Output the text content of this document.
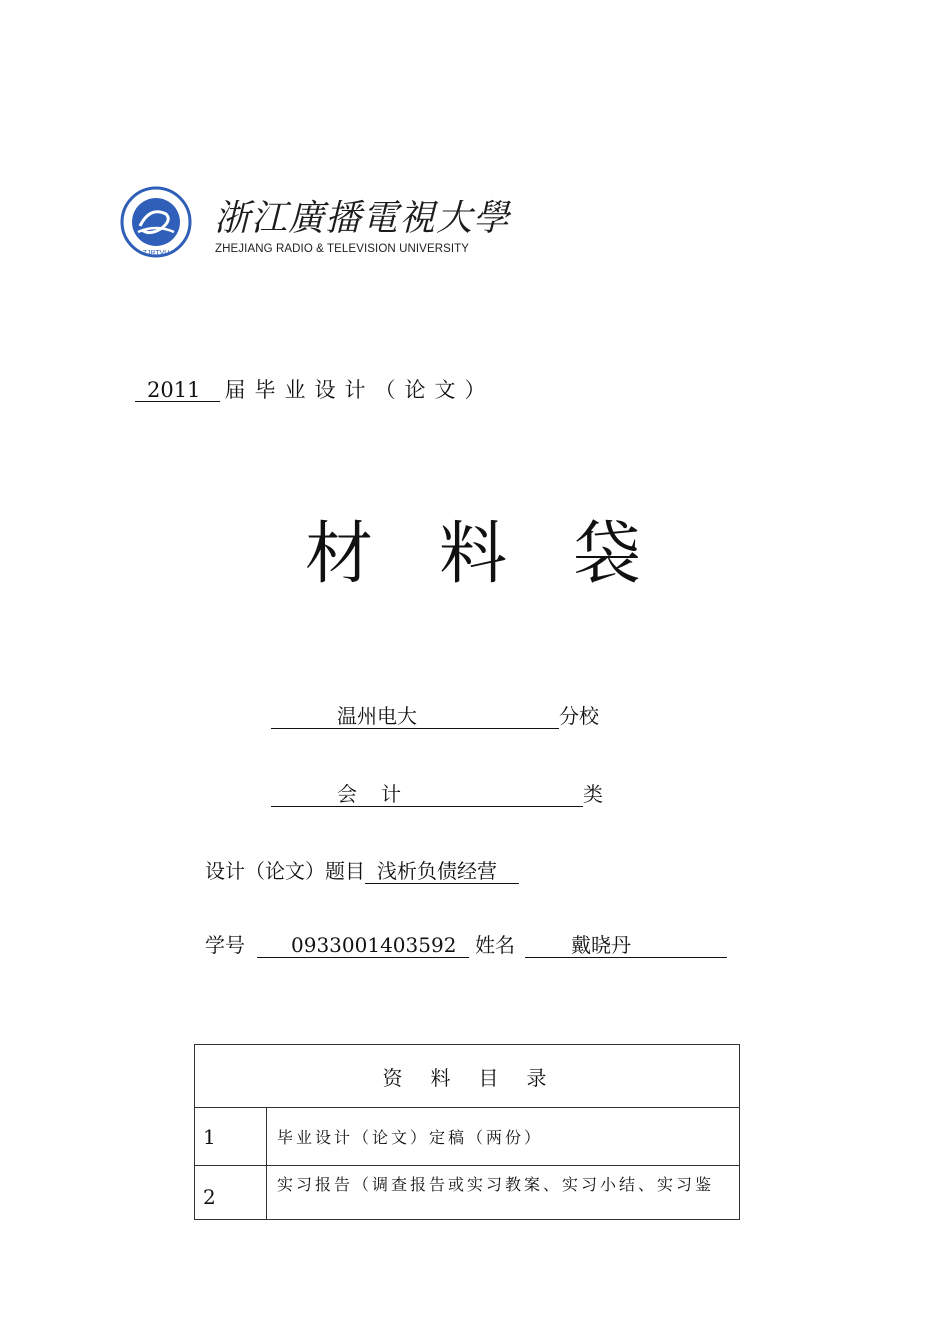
ZJRTVU
浙江廣播電視大學
ZHEJIANG RADIO & TELEVISION UNIVERSITY
2011 届毕业设计（论文）
材料袋
温州电大	分校
会计	类
设计（论文）题目 浅析负债经营
学号 0933001403592 姓名	戴晓丹
资料目录	
1	毕业设计（论文）定稿（两份）
2	实习报告（调查报告或实习教案、实习小结、实习鉴
